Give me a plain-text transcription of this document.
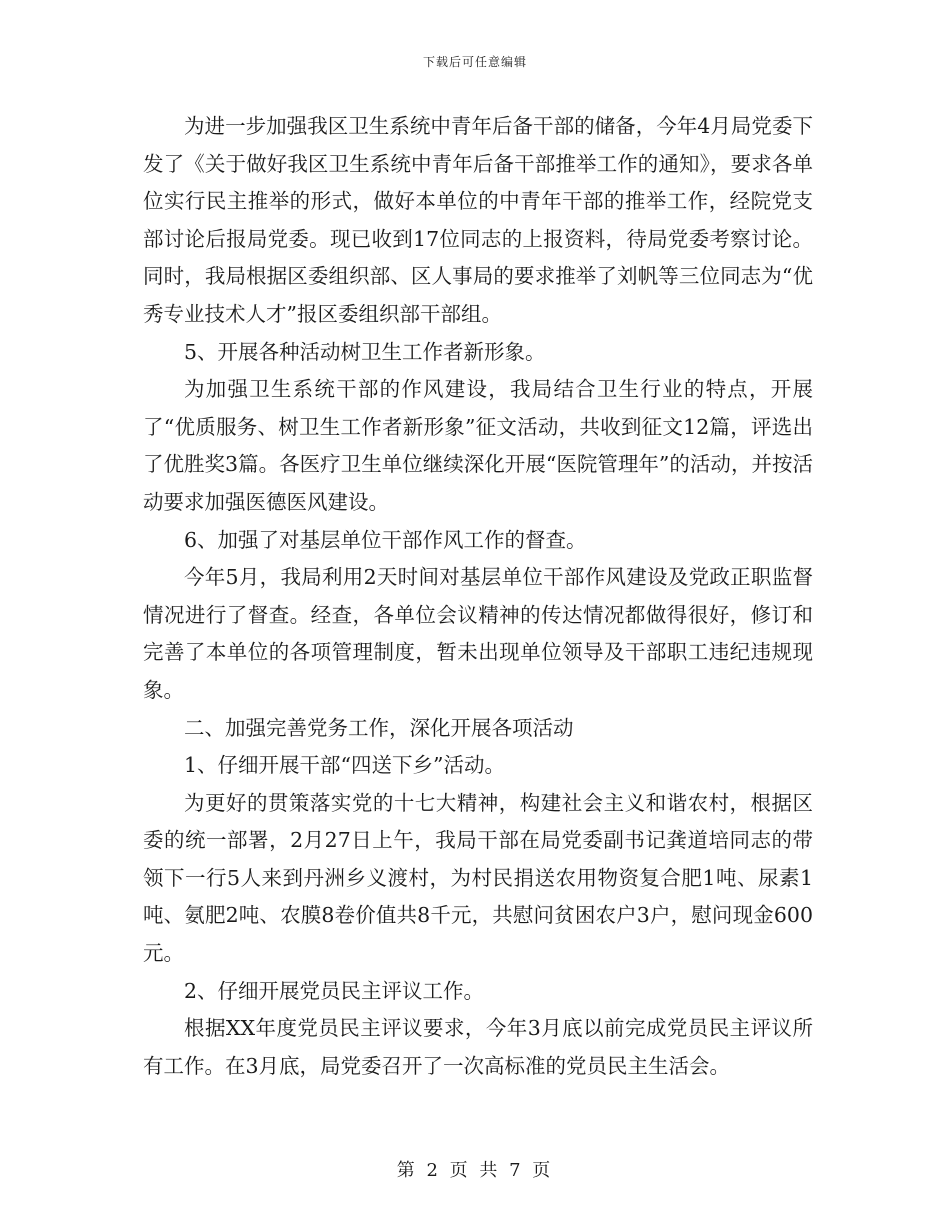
下载后可任意编辑

为进一步加强我区卫生系统中青年后备干部的储备，今年4月局党委下发了《关于做好我区卫生系统中青年后备干部推举工作的通知》，要求各单位实行民主推举的形式，做好本单位的中青年干部的推举工作，经院党支部讨论后报局党委。现已收到17位同志的上报资料，待局党委考察讨论。同时，我局根据区委组织部、区人事局的要求推举了刘帆等三位同志为“优秀专业技术人才”报区委组织部干部组。

5、开展各种活动树卫生工作者新形象。

为加强卫生系统干部的作风建设，我局结合卫生行业的特点，开展了“优质服务、树卫生工作者新形象”征文活动，共收到征文12篇，评选出了优胜奖3篇。各医疗卫生单位继续深化开展“医院管理年”的活动，并按活动要求加强医德医风建设。

6、加强了对基层单位干部作风工作的督查。

今年5月，我局利用2天时间对基层单位干部作风建设及党政正职监督情况进行了督查。经查，各单位会议精神的传达情况都做得很好，修订和完善了本单位的各项管理制度，暂未出现单位领导及干部职工违纪违规现象。

二、加强完善党务工作，深化开展各项活动

1、仔细开展干部“四送下乡”活动。

为更好的贯策落实党的十七大精神，构建社会主义和谐农村，根据区委的统一部署，2月27日上午，我局干部在局党委副书记龚道培同志的带领下一行5人来到丹洲乡义渡村，为村民捐送农用物资复合肥1吨、尿素1吨、氨肥2吨、农膜8卷价值共8千元，共慰问贫困农户3户，慰问现金600元。

2、仔细开展党员民主评议工作。

根据XX年度党员民主评议要求，今年3月底以前完成党员民主评议所有工作。在3月底，局党委召开了一次高标准的党员民主生活会。

第 2 页 共 7 页
